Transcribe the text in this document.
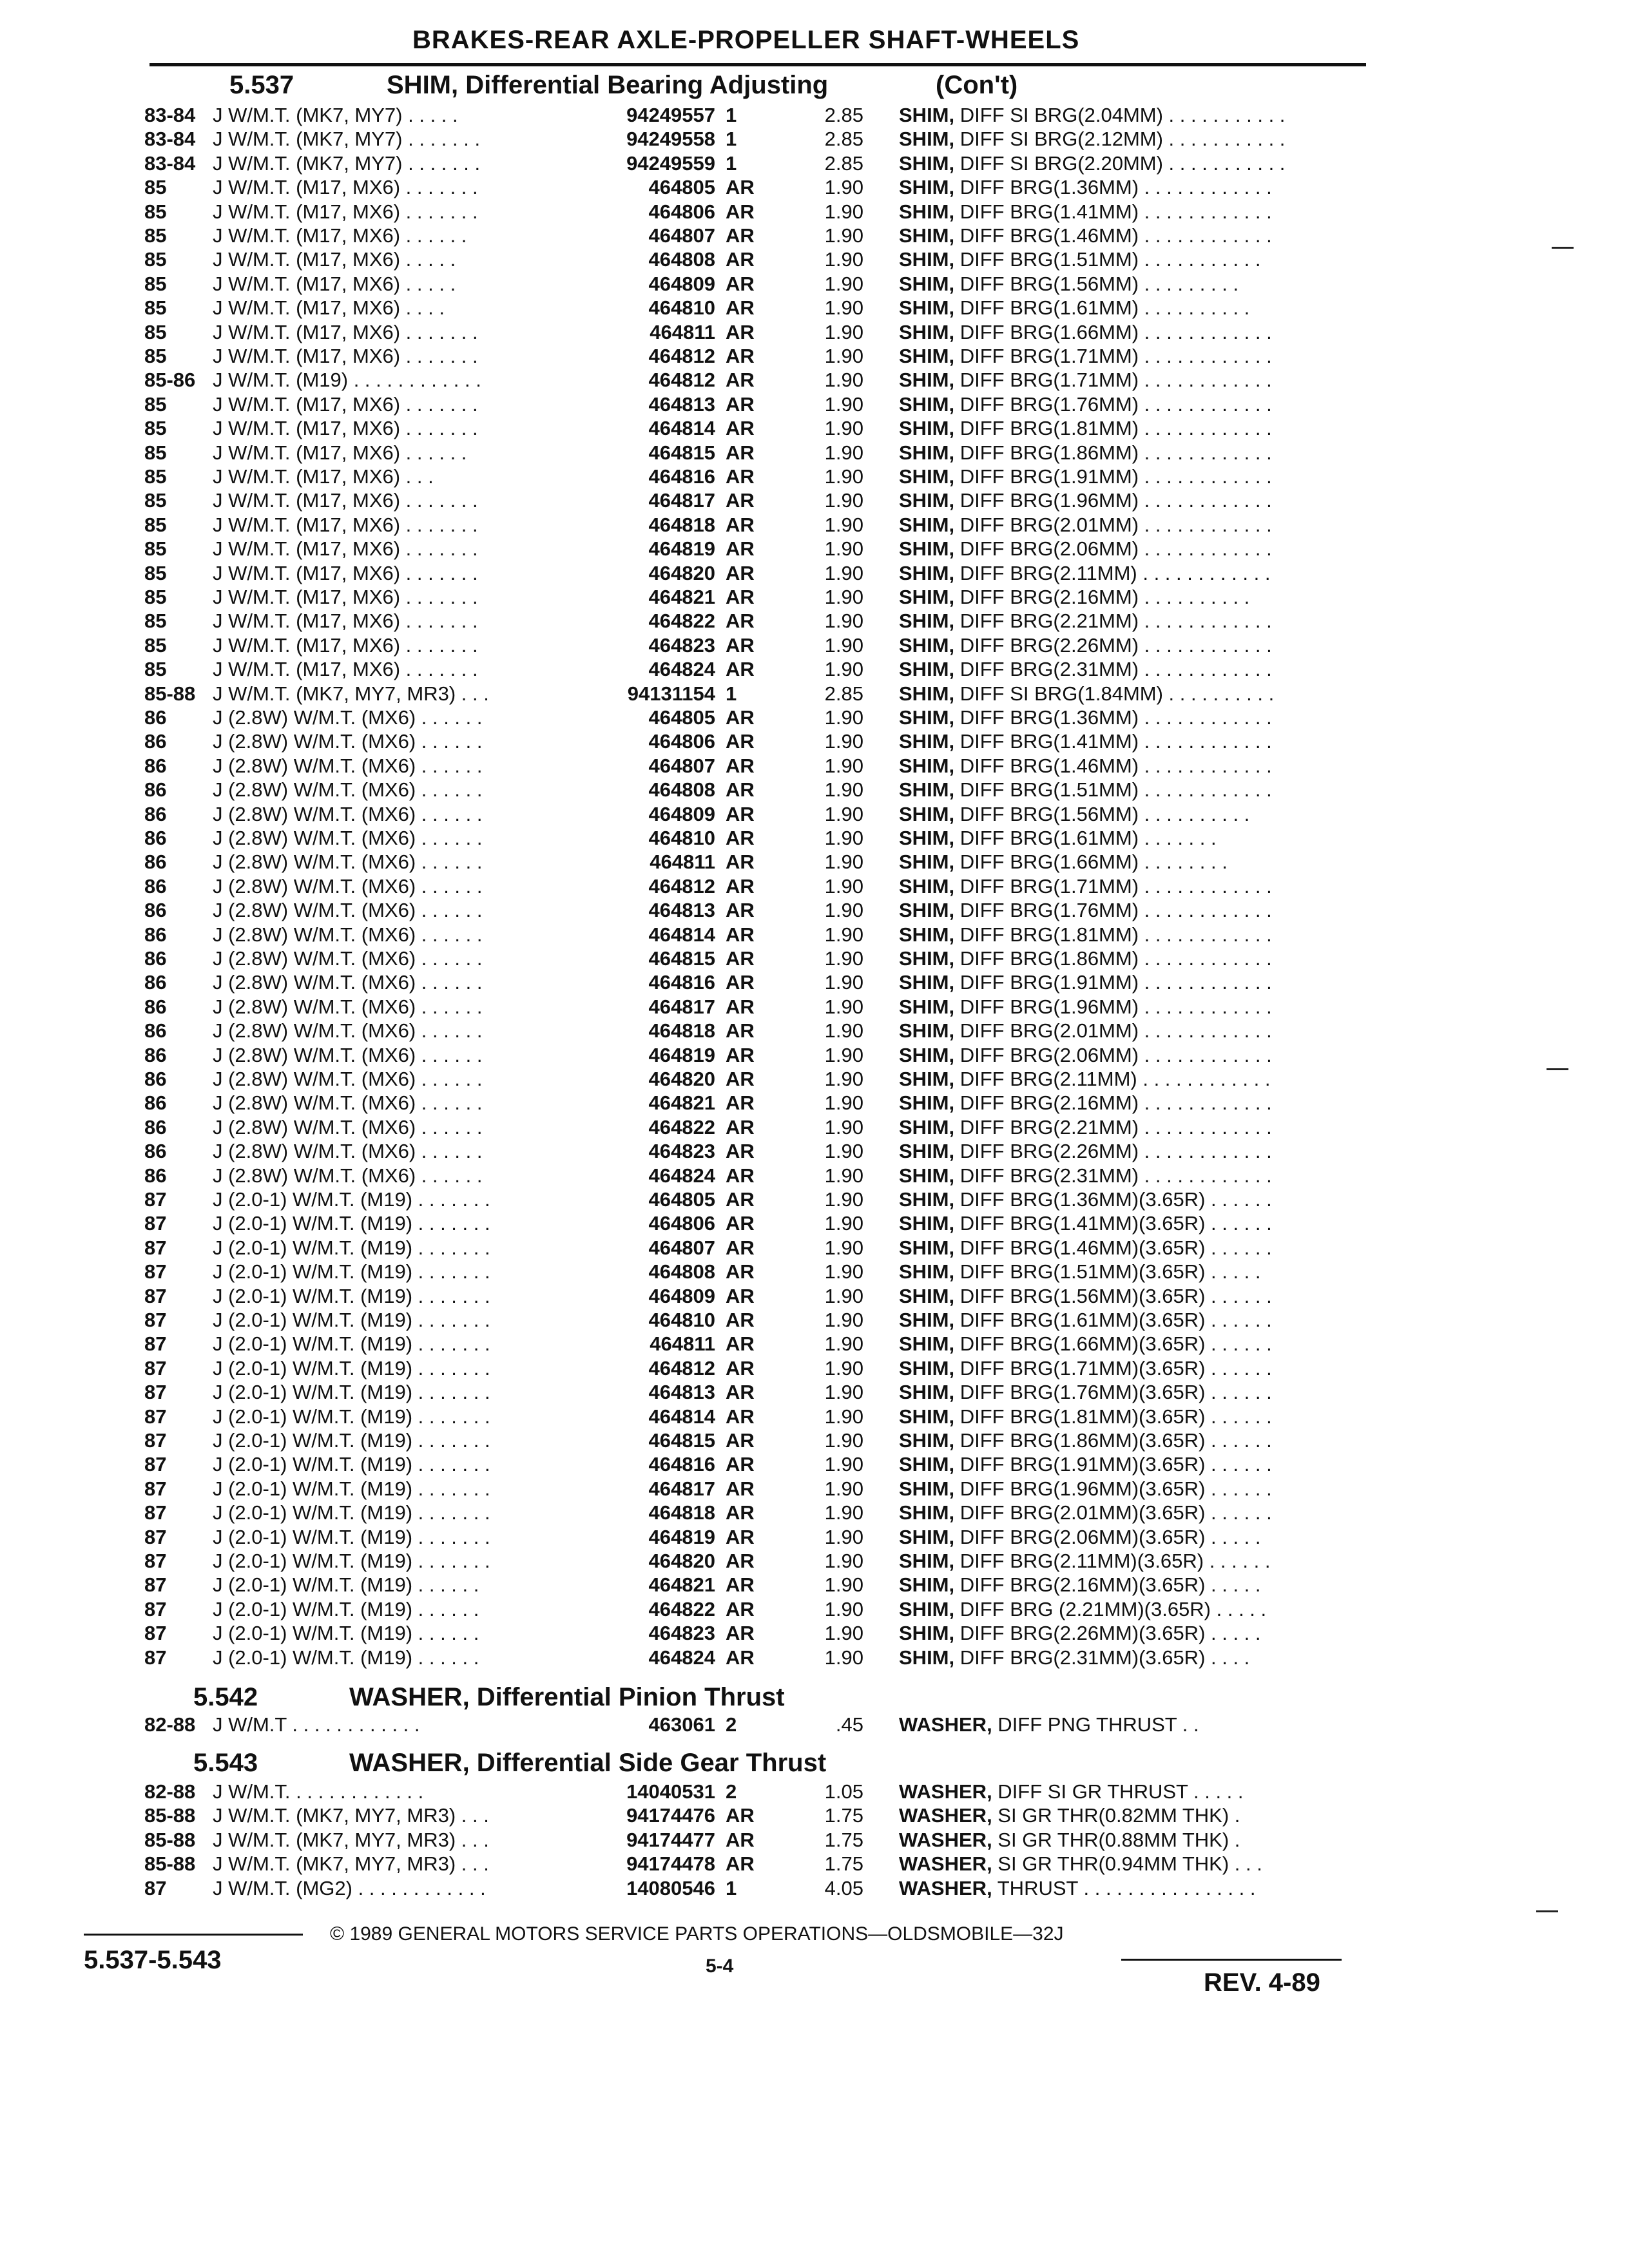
BRAKES-REAR AXLE-PROPELLER SHAFT-WHEELS
5.537	SHIM, Differential Bearing Adjusting	(Con't)
83-84 J W/M.T. (MK7, MY7) . . . . .	94249557 1	2.85 SHIM, DIFF SI BRG(2.04MM) . . . . . . . . . . .
83-84 J W/M.T. (MK7, MY7) . . . . . . .	94249558 1	2.85 SHIM, DIFF SI BRG(2.12MM) . . . . . . . . . . .
83-84 J W/M.T. (MK7, MY7) . . . . . . .	94249559 1	2.85 SHIM, DIFF SI BRG(2.20MM) . . . . . . . . . . .
85 J W/M.T. (M17, MX6) . . . . . . .	464805 AR	1.90 SHIM, DIFF BRG(1.36MM) . . . . . . . . . . . .
85 J W/M.T. (M17, MX6) . . . . . . .	464806 AR	1.90 SHIM, DIFF BRG(1.41MM) . . . . . . . . . . . .
85 J W/M.T. (M17, MX6) . . . . . .	464807 AR	1.90 SHIM, DIFF BRG(1.46MM) . . . . . . . . . . . .
85 J W/M.T. (M17, MX6) . . . . .	464808 AR	1.90 SHIM, DIFF BRG(1.51MM) . . . . . . . . . . .
85 J W/M.T. (M17, MX6) . . . . .	464809 AR	1.90 SHIM, DIFF BRG(1.56MM) . . . . . . . . .
85 J W/M.T. (M17, MX6) . . . .	464810 AR	1.90 SHIM, DIFF BRG(1.61MM) . . . . . . . . . .
85 J W/M.T. (M17, MX6) . . . . . . .	464811 AR	1.90 SHIM, DIFF BRG(1.66MM) . . . . . . . . . . . .
85 J W/M.T. (M17, MX6) . . . . . . .	464812 AR	1.90 SHIM, DIFF BRG(1.71MM) . . . . . . . . . . . .
85-86 J W/M.T. (M19) . . . . . . . . . . . .	464812 AR	1.90 SHIM, DIFF BRG(1.71MM) . . . . . . . . . . . .
85 J W/M.T. (M17, MX6) . . . . . . .	464813 AR	1.90 SHIM, DIFF BRG(1.76MM) . . . . . . . . . . . .
85 J W/M.T. (M17, MX6) . . . . . . .	464814 AR	1.90 SHIM, DIFF BRG(1.81MM) . . . . . . . . . . . .
85 J W/M.T. (M17, MX6) . . . . . .	464815 AR	1.90 SHIM, DIFF BRG(1.86MM) . . . . . . . . . . . .
85 J W/M.T. (M17, MX6) . . .	464816 AR	1.90 SHIM, DIFF BRG(1.91MM) . . . . . . . . . . . .
85 J W/M.T. (M17, MX6) . . . . . . .	464817 AR	1.90 SHIM, DIFF BRG(1.96MM) . . . . . . . . . . . .
85 J W/M.T. (M17, MX6) . . . . . . .	464818 AR	1.90 SHIM, DIFF BRG(2.01MM) . . . . . . . . . . . .
85 J W/M.T. (M17, MX6) . . . . . . .	464819 AR	1.90 SHIM, DIFF BRG(2.06MM) . . . . . . . . . . . .
85 J W/M.T. (M17, MX6) . . . . . . .	464820 AR	1.90 SHIM, DIFF BRG(2.11MM) . . . . . . . . . . . .
85 J W/M.T. (M17, MX6) . . . . . . .	464821 AR	1.90 SHIM, DIFF BRG(2.16MM) . . . . . . . . . .
85 J W/M.T. (M17, MX6) . . . . . . .	464822 AR	1.90 SHIM, DIFF BRG(2.21MM) . . . . . . . . . . . .
85 J W/M.T. (M17, MX6) . . . . . . .	464823 AR	1.90 SHIM, DIFF BRG(2.26MM) . . . . . . . . . . . .
85 J W/M.T. (M17, MX6) . . . . . . .	464824 AR	1.90 SHIM, DIFF BRG(2.31MM) . . . . . . . . . . . .
85-88 J W/M.T. (MK7, MY7, MR3) . . .	94131154 1	2.85 SHIM, DIFF SI BRG(1.84MM) . . . . . . . . . .
86 J (2.8W) W/M.T. (MX6) . . . . . .	464805 AR	1.90 SHIM, DIFF BRG(1.36MM) . . . . . . . . . . . .
86 J (2.8W) W/M.T. (MX6) . . . . . .	464806 AR	1.90 SHIM, DIFF BRG(1.41MM) . . . . . . . . . . . .
86 J (2.8W) W/M.T. (MX6) . . . . . .	464807 AR	1.90 SHIM, DIFF BRG(1.46MM) . . . . . . . . . . . .
86 J (2.8W) W/M.T. (MX6) . . . . . .	464808 AR	1.90 SHIM, DIFF BRG(1.51MM) . . . . . . . . . . . .
86 J (2.8W) W/M.T. (MX6) . . . . . .	464809 AR	1.90 SHIM, DIFF BRG(1.56MM) . . . . . . . . . .
86 J (2.8W) W/M.T. (MX6) . . . . . .	464810 AR	1.90 SHIM, DIFF BRG(1.61MM) . . . . . . .
86 J (2.8W) W/M.T. (MX6) . . . . . .	464811 AR	1.90 SHIM, DIFF BRG(1.66MM) . . . . . . . .
86 J (2.8W) W/M.T. (MX6) . . . . . .	464812 AR	1.90 SHIM, DIFF BRG(1.71MM) . . . . . . . . . . . .
86 J (2.8W) W/M.T. (MX6) . . . . . .	464813 AR	1.90 SHIM, DIFF BRG(1.76MM) . . . . . . . . . . . .
86 J (2.8W) W/M.T. (MX6) . . . . . .	464814 AR	1.90 SHIM, DIFF BRG(1.81MM) . . . . . . . . . . . .
86 J (2.8W) W/M.T. (MX6) . . . . . .	464815 AR	1.90 SHIM, DIFF BRG(1.86MM) . . . . . . . . . . . .
86 J (2.8W) W/M.T. (MX6) . . . . . .	464816 AR	1.90 SHIM, DIFF BRG(1.91MM) . . . . . . . . . . . .
86 J (2.8W) W/M.T. (MX6) . . . . . .	464817 AR	1.90 SHIM, DIFF BRG(1.96MM) . . . . . . . . . . . .
86 J (2.8W) W/M.T. (MX6) . . . . . .	464818 AR	1.90 SHIM, DIFF BRG(2.01MM) . . . . . . . . . . . .
86 J (2.8W) W/M.T. (MX6) . . . . . .	464819 AR	1.90 SHIM, DIFF BRG(2.06MM) . . . . . . . . . . . .
86 J (2.8W) W/M.T. (MX6) . . . . . .	464820 AR	1.90 SHIM, DIFF BRG(2.11MM) . . . . . . . . . . . .
86 J (2.8W) W/M.T. (MX6) . . . . . .	464821 AR	1.90 SHIM, DIFF BRG(2.16MM) . . . . . . . . . . . .
86 J (2.8W) W/M.T. (MX6) . . . . . .	464822 AR	1.90 SHIM, DIFF BRG(2.21MM) . . . . . . . . . . . .
86 J (2.8W) W/M.T. (MX6) . . . . . .	464823 AR	1.90 SHIM, DIFF BRG(2.26MM) . . . . . . . . . . . .
86 J (2.8W) W/M.T. (MX6) . . . . . .	464824 AR	1.90 SHIM, DIFF BRG(2.31MM) . . . . . . . . . . . .
87 J (2.0-1) W/M.T. (M19) . . . . . . .	464805 AR	1.90 SHIM, DIFF BRG(1.36MM)(3.65R) . . . . . .
87 J (2.0-1) W/M.T. (M19) . . . . . . .	464806 AR	1.90 SHIM, DIFF BRG(1.41MM)(3.65R) . . . . . .
87 J (2.0-1) W/M.T. (M19) . . . . . . .	464807 AR	1.90 SHIM, DIFF BRG(1.46MM)(3.65R) . . . . . .
87 J (2.0-1) W/M.T. (M19) . . . . . . .	464808 AR	1.90 SHIM, DIFF BRG(1.51MM)(3.65R) . . . . .
87 J (2.0-1) W/M.T. (M19) . . . . . . .	464809 AR	1.90 SHIM, DIFF BRG(1.56MM)(3.65R) . . . . . .
87 J (2.0-1) W/M.T. (M19) . . . . . . .	464810 AR	1.90 SHIM, DIFF BRG(1.61MM)(3.65R) . . . . . .
87 J (2.0-1) W/M.T. (M19) . . . . . . .	464811 AR	1.90 SHIM, DIFF BRG(1.66MM)(3.65R) . . . . . .
87 J (2.0-1) W/M.T. (M19) . . . . . . .	464812 AR	1.90 SHIM, DIFF BRG(1.71MM)(3.65R) . . . . . .
87 J (2.0-1) W/M.T. (M19) . . . . . . .	464813 AR	1.90 SHIM, DIFF BRG(1.76MM)(3.65R) . . . . . .
87 J (2.0-1) W/M.T. (M19) . . . . . . .	464814 AR	1.90 SHIM, DIFF BRG(1.81MM)(3.65R) . . . . . .
87 J (2.0-1) W/M.T. (M19) . . . . . . .	464815 AR	1.90 SHIM, DIFF BRG(1.86MM)(3.65R) . . . . . .
87 J (2.0-1) W/M.T. (M19) . . . . . . .	464816 AR	1.90 SHIM, DIFF BRG(1.91MM)(3.65R) . . . . . .
87 J (2.0-1) W/M.T. (M19) . . . . . . .	464817 AR	1.90 SHIM, DIFF BRG(1.96MM)(3.65R) . . . . . .
87 J (2.0-1) W/M.T. (M19) . . . . . . .	464818 AR	1.90 SHIM, DIFF BRG(2.01MM)(3.65R) . . . . . .
87 J (2.0-1) W/M.T. (M19) . . . . . . .	464819 AR	1.90 SHIM, DIFF BRG(2.06MM)(3.65R) . . . . .
87 J (2.0-1) W/M.T. (M19) . . . . . . .	464820 AR	1.90 SHIM, DIFF BRG(2.11MM)(3.65R) . . . . . .
87 J (2.0-1) W/M.T. (M19) . . . . . .	464821 AR	1.90 SHIM, DIFF BRG(2.16MM)(3.65R) . . . . .
87 J (2.0-1) W/M.T. (M19) . . . . . .	464822 AR	1.90 SHIM, DIFF BRG (2.21MM)(3.65R) . . . . .
87 J (2.0-1) W/M.T. (M19) . . . . . .	464823 AR	1.90 SHIM, DIFF BRG(2.26MM)(3.65R) . . . . .
87 J (2.0-1) W/M.T. (M19) . . . . . .	464824 AR	1.90 SHIM, DIFF BRG(2.31MM)(3.65R) . . . .
5.542	WASHER, Differential Pinion Thrust
82-88 J W/M.T . . . . . . . . . . . .	463061 2	.45 WASHER, DIFF PNG THRUST . .
5.543	WASHER, Differential Side Gear Thrust
82-88 J W/M.T. . . . . . . . . . . . .	14040531 2	1.05 WASHER, DIFF SI GR THRUST . . . . .
85-88 J W/M.T. (MK7, MY7, MR3) . . .	94174476 AR	1.75 WASHER, SI GR THR(0.82MM THK) .
85-88 J W/M.T. (MK7, MY7, MR3) . . .	94174477 AR	1.75 WASHER, SI GR THR(0.88MM THK) .
85-88 J W/M.T. (MK7, MY7, MR3) . . .	94174478 AR	1.75 WASHER, SI GR THR(0.94MM THK) . . .
87 J W/M.T. (MG2) . . . . . . . . . . . .	14080546 1	4.05 WASHER, THRUST . . . . . . . . . . . . . . . .
© 1989 GENERAL MOTORS SERVICE PARTS OPERATIONS—OLDSMOBILE—32J
5.537-5.543	5-4
REV. 4-89
